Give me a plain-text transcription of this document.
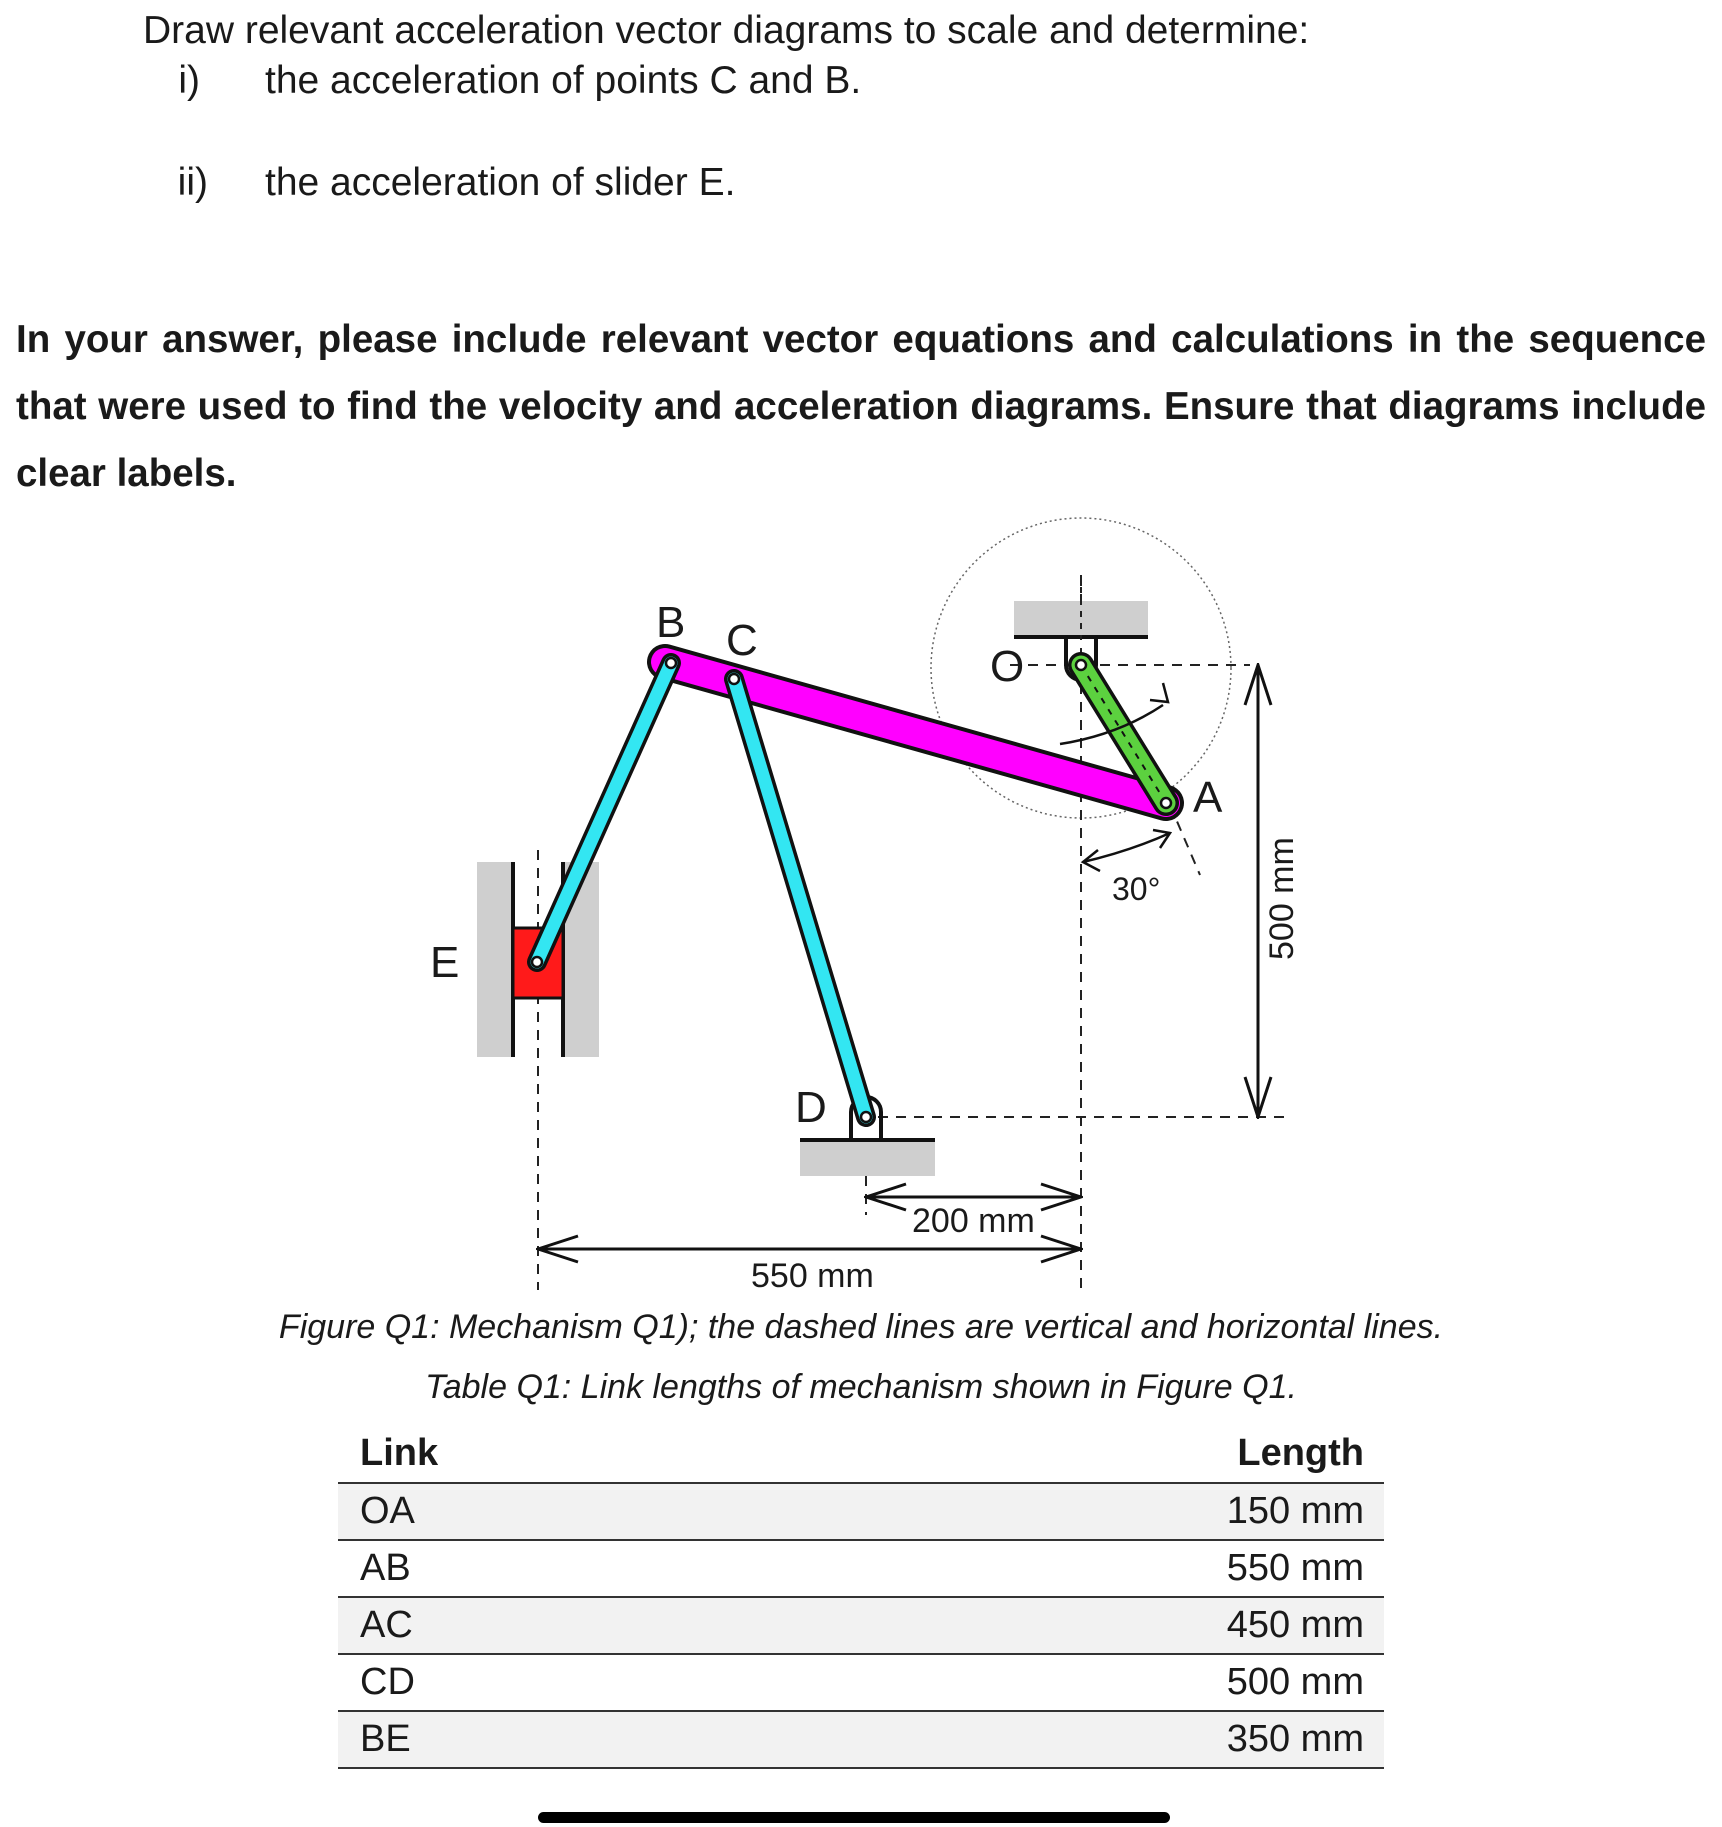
Draw relevant acceleration vector diagrams to scale and determine:
i) the acceleration of points C and B.
ii) the acceleration of slider E.
In your answer, please include relevant vector equations and calculations in the sequence that were used to find the velocity and acceleration diagrams. Ensure that diagrams include clear labels.
B C
O
A
E
D
30°	500 mm
200 mm
550 mm
Figure Q1: Mechanism Q1); the dashed lines are vertical and horizontal lines.
Table Q1: Link lengths of mechanism shown in Figure Q1.
Link	Length
OA	150 mm
AB	550 mm
AC	450 mm
CD	500 mm
BE	350 mm
